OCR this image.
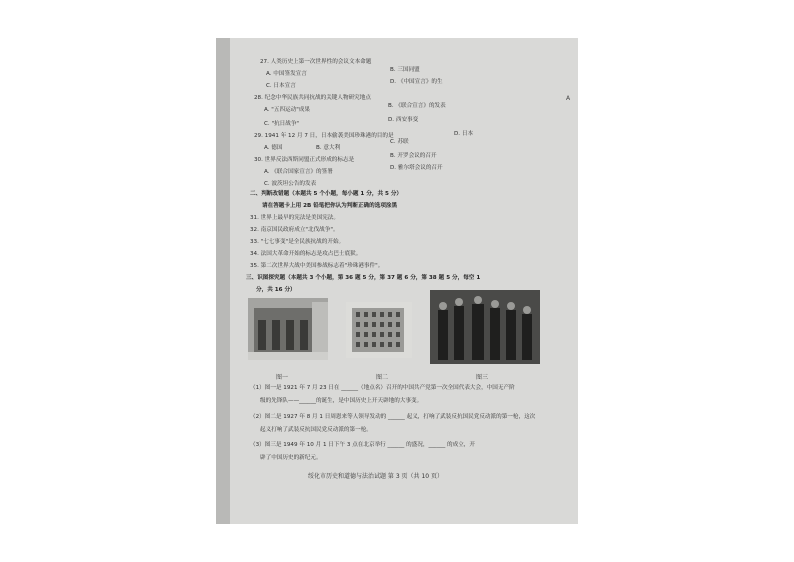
27. 人类历史上第一次世界性的会议文本命题
A. 中国签发宣言
B. 三国同盟
C. 日本宣言
D. 《中国宣言》的生
28. 纪念中华民族共同抗战的关键人物研究地点
A. "五四运动"成果
B. 《联合宣言》的发表
C. "抗日战争"
D. 西安事变
29. 1941 年 12 月 7 日，日本偷袭美国珍珠港的目的是
A. 德国	B. 意大利
C. 苏联
D. 日本
30. 世界反法西斯同盟正式形成的标志是
A. 《联合国家宣言》的签署
B. 开罗会议的召开
C. 波茨坦公告的发表
D. 雅尔塔会议的召开
二、判断改错题（本题共 5 个小题，每小题 1 分，共 5 分）
请在答题卡上用 2B 铅笔把你认为判断正确的选项涂黑
31. 世界上最早的宪法是美国宪法。
32. 南京国民政府成立"北伐战争"。
33. "七七事变"是全民族抗战的开始。
34. 法国大革命开始的标志是攻占巴士底狱。
35. 第二次世界大战中美国参战标志着"珍珠港事件"。
三、识图探究题（本题共 3 个小题，第 36 题 5 分，第 37 题 6 分，第 38 题 5 分，每空 1
分，共 16 分）
图一	图二	图三
（1）图一是 1921 年 7 月 23 日在 ______（地点名）召开的中国共产党第一次全国代表大会，中国无产阶
级的先锋队——______的诞生，是中国历史上开天辟地的大事变。
（2）图二是 1927 年 8 月 1 日周恩来等人领导发动的 ______ 起义，打响了武装反抗国民党反动派的第一枪，这次
起义打响了武装反抗国民党反动派的第一枪。
（3）图三是 1949 年 10 月 1 日下午 3 点在北京举行 ______ 的盛况，______ 的成立，开
辟了中国历史的新纪元。
绥化市历史和道德与法治试题 第 3 页（共 10 页）
A
